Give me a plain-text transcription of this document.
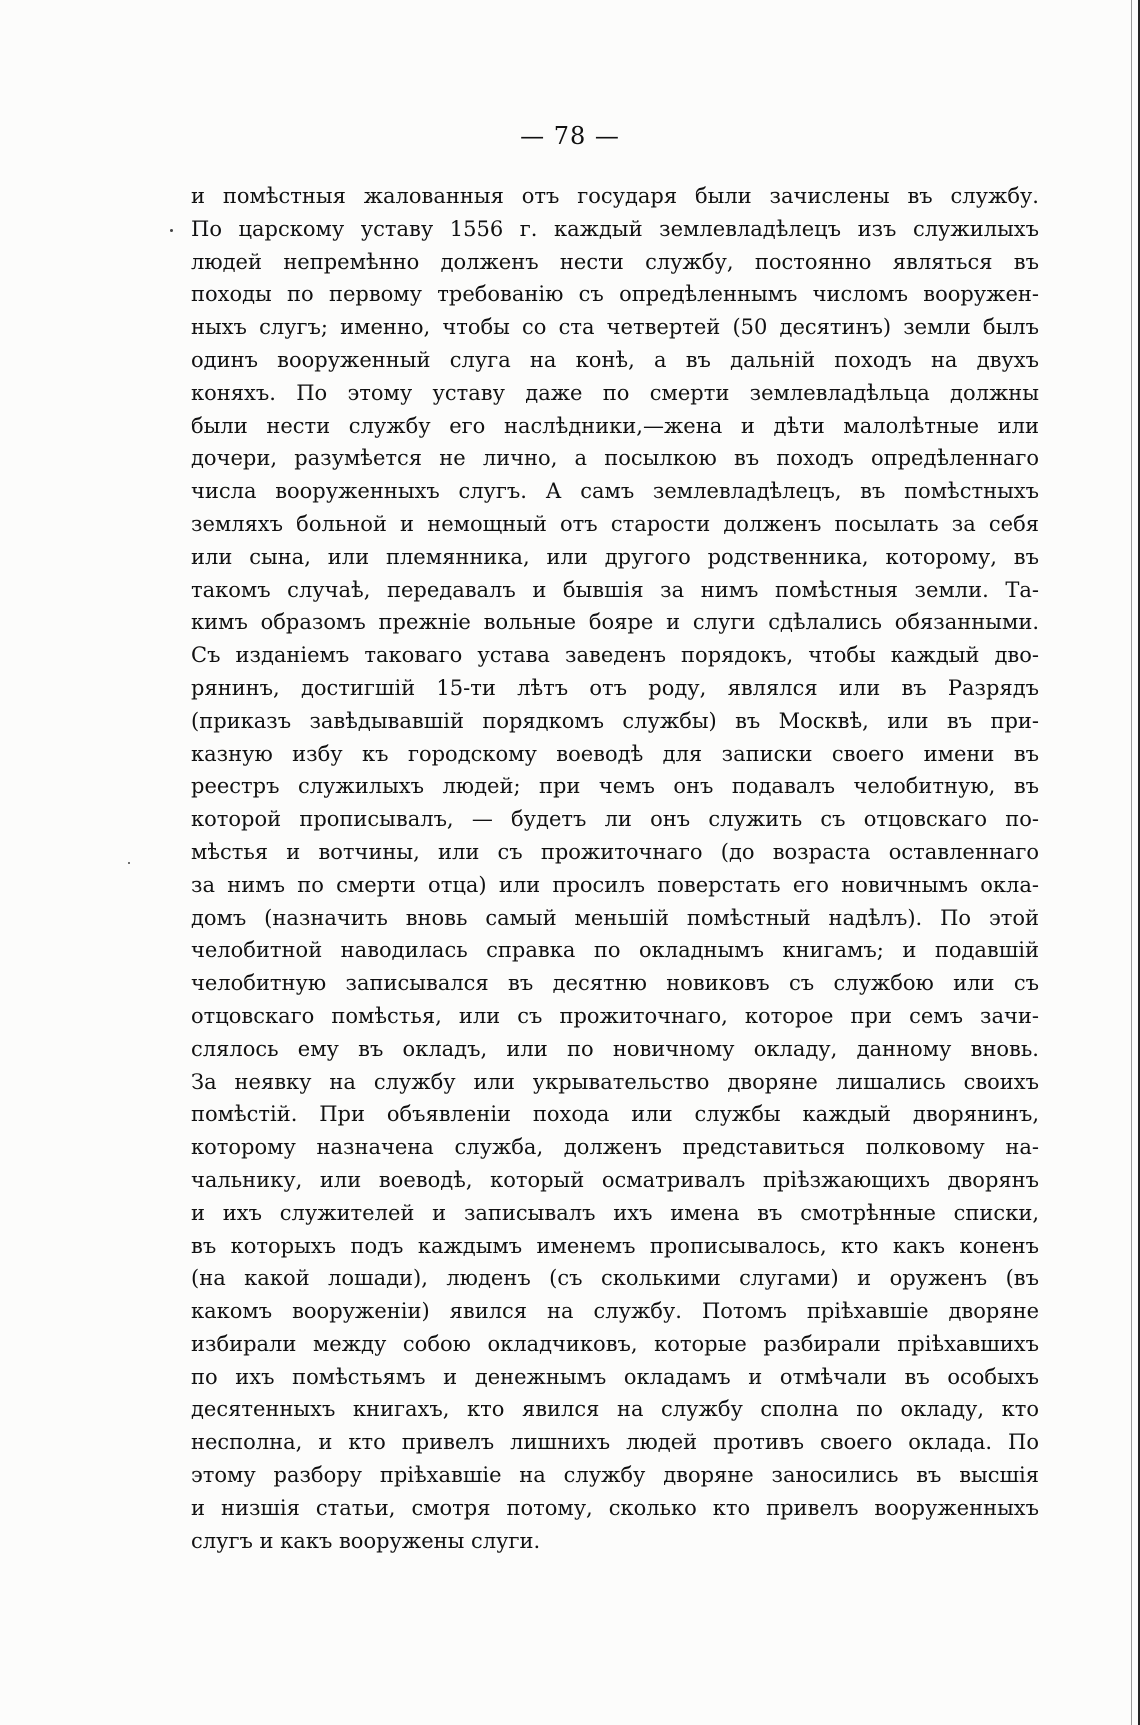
— 78 —
и помѣстныя жалованныя отъ государя были зачислены въ службу.
По царскому уставу 1556 г. каждый землевладѣлецъ изъ служилыхъ
людей непремѣнно долженъ нести службу, постоянно являться въ
походы по первому требованію съ опредѣленнымъ числомъ вооружен-
ныхъ слугъ; именно, чтобы со ста четвертей (50 десятинъ) земли былъ
одинъ вооруженный слуга на конѣ, а въ дальній походъ на двухъ
коняхъ. По этому уставу даже по смерти землевладѣльца должны
были нести службу его наслѣдники,—жена и дѣти малолѣтные или
дочери, разумѣется не лично, а посылкою въ походъ опредѣленнаго
числа вооруженныхъ слугъ. А самъ землевладѣлецъ, въ помѣстныхъ
земляхъ больной и немощный отъ старости долженъ посылать за себя
или сына, или племянника, или другого родственника, которому, въ
такомъ случаѣ, передавалъ и бывшія за нимъ помѣстныя земли. Та-
кимъ образомъ прежніе вольные бояре и слуги сдѣлались обязанными.
Съ изданіемъ таковаго устава заведенъ порядокъ, чтобы каждый дво-
рянинъ, достигшій 15-ти лѣтъ отъ роду, являлся или въ Разрядъ
(приказъ завѣдывавшій порядкомъ службы) въ Москвѣ, или въ при-
казную избу къ городскому воеводѣ для записки своего имени въ
реестръ служилыхъ людей; при чемъ онъ подавалъ челобитную, въ
которой прописывалъ, — будетъ ли онъ служить съ отцовскаго по-
мѣстья и вотчины, или съ прожиточнаго (до возраста оставленнаго
за нимъ по смерти отца) или просилъ поверстать его новичнымъ окла-
домъ (назначить вновь самый меньшій помѣстный надѣлъ). По этой
челобитной наводилась справка по окладнымъ книгамъ; и подавшій
челобитную записывался въ десятню новиковъ съ службою или съ
отцовскаго помѣстья, или съ прожиточнаго, которое при семъ зачи-
слялось ему въ окладъ, или по новичному окладу, данному вновь.
За неявку на службу или укрывательство дворяне лишались своихъ
помѣстій. При объявленіи похода или службы каждый дворянинъ,
которому назначена служба, долженъ представиться полковому на-
чальнику, или воеводѣ, который осматривалъ пріѣзжающихъ дворянъ
и ихъ служителей и записывалъ ихъ имена въ смотрѣнные списки,
въ которыхъ подъ каждымъ именемъ прописывалось, кто какъ коненъ
(на какой лошади), люденъ (съ сколькими слугами) и оруженъ (въ
какомъ вооруженіи) явился на службу. Потомъ пріѣхавшіе дворяне
избирали между собою окладчиковъ, которые разбирали пріѣхавшихъ
по ихъ помѣстьямъ и денежнымъ окладамъ и отмѣчали въ особыхъ
десятенныхъ книгахъ, кто явился на службу сполна по окладу, кто
несполна, и кто привелъ лишнихъ людей противъ своего оклада. По
этому разбору пріѣхавшіе на службу дворяне заносились въ высшія
и низшія статьи, смотря потому, сколько кто привелъ вооруженныхъ
слугъ и какъ вооружены слуги.
